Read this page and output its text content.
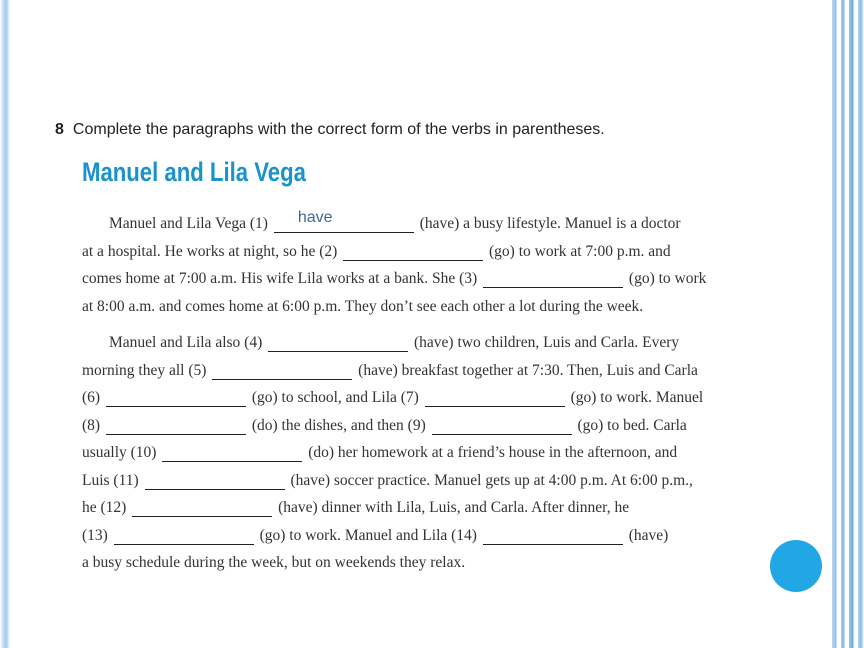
8 Complete the paragraphs with the correct form of the verbs in parentheses.
Manuel and Lila Vega
Manuel and Lila Vega (1) have	(have) a busy lifestyle. Manuel is a doctor
at a hospital. He works at night, so he (2)	(go) to work at 7:00 p.m. and
comes home at 7:00 a.m. His wife Lila works at a bank. She (3)	(go) to work
at 8:00 a.m. and comes home at 6:00 p.m. They don’t see each other a lot during the week.
Manuel and Lila also (4)	(have) two children, Luis and Carla. Every
morning they all (5)	(have) breakfast together at 7:30. Then, Luis and Carla
(6)	(go) to school, and Lila (7)	(go) to work. Manuel
(8)	(do) the dishes, and then (9)	(go) to bed. Carla
usually (10)	(do) her homework at a friend’s house in the afternoon, and
Luis (11)	(have) soccer practice. Manuel gets up at 4:00 p.m. At 6:00 p.m.,
he (12)	(have) dinner with Lila, Luis, and Carla. After dinner, he
(13)	(go) to work. Manuel and Lila (14)	(have)
a busy schedule during the week, but on weekends they relax.
